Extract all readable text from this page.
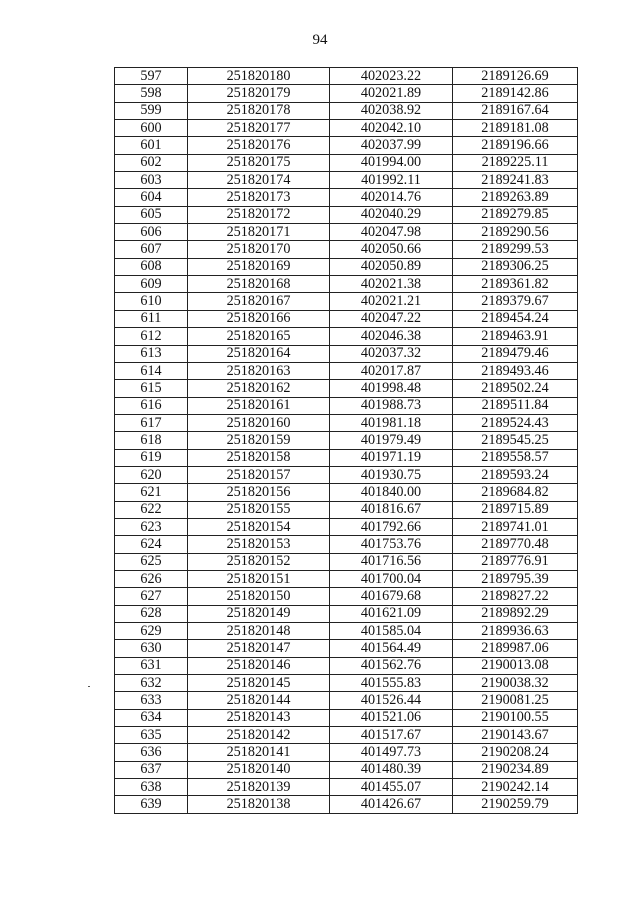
94
597	251820180	402023.22	2189126.69
598	251820179	402021.89	2189142.86
599	251820178	402038.92	2189167.64
600	251820177	402042.10	2189181.08
601	251820176	402037.99	2189196.66
602	251820175	401994.00	2189225.11
603	251820174	401992.11	2189241.83
604	251820173	402014.76	2189263.89
605	251820172	402040.29	2189279.85
606	251820171	402047.98	2189290.56
607	251820170	402050.66	2189299.53
608	251820169	402050.89	2189306.25
609	251820168	402021.38	2189361.82
610	251820167	402021.21	2189379.67
611	251820166	402047.22	2189454.24
612	251820165	402046.38	2189463.91
613	251820164	402037.32	2189479.46
614	251820163	402017.87	2189493.46
615	251820162	401998.48	2189502.24
616	251820161	401988.73	2189511.84
617	251820160	401981.18	2189524.43
618	251820159	401979.49	2189545.25
619	251820158	401971.19	2189558.57
620	251820157	401930.75	2189593.24
621	251820156	401840.00	2189684.82
622	251820155	401816.67	2189715.89
623	251820154	401792.66	2189741.01
624	251820153	401753.76	2189770.48
625	251820152	401716.56	2189776.91
626	251820151	401700.04	2189795.39
627	251820150	401679.68	2189827.22
628	251820149	401621.09	2189892.29
629	251820148	401585.04	2189936.63
630	251820147	401564.49	2189987.06
631	251820146	401562.76	2190013.08
632	251820145	401555.83	2190038.32
633	251820144	401526.44	2190081.25
634	251820143	401521.06	2190100.55
635	251820142	401517.67	2190143.67
636	251820141	401497.73	2190208.24
637	251820140	401480.39	2190234.89
638	251820139	401455.07	2190242.14
639	251820138	401426.67	2190259.79
